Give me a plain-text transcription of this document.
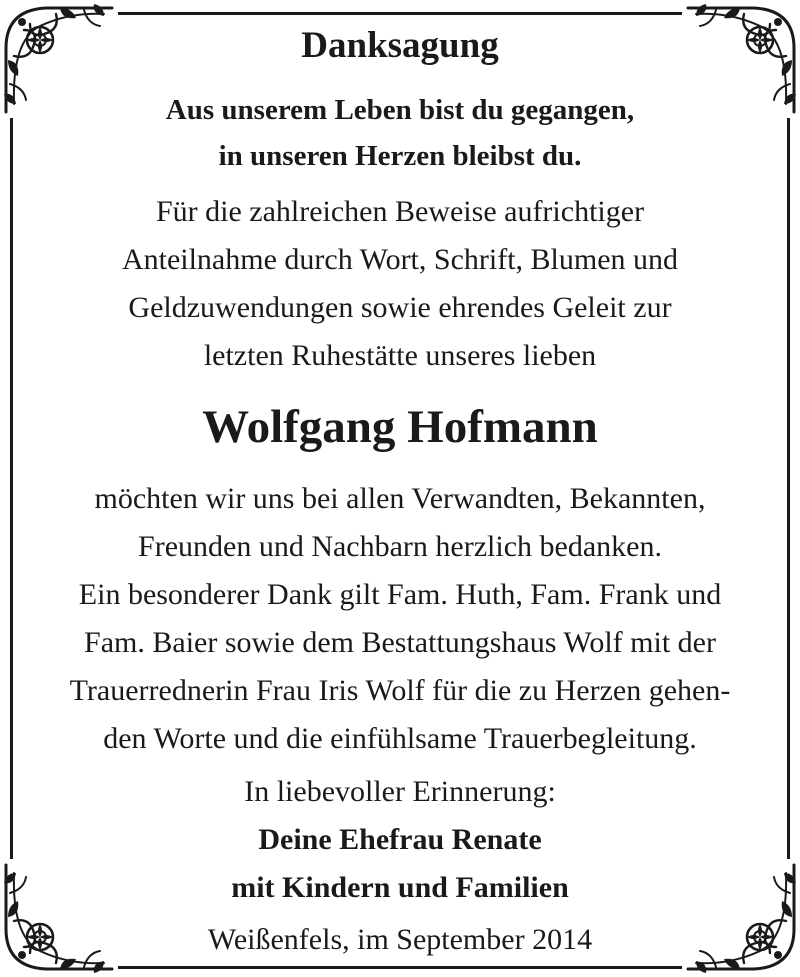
Danksagung
Aus unserem Leben bist du gegangen,
in unseren Herzen bleibst du.
Für die zahlreichen Beweise aufrichtiger
Anteilnahme durch Wort, Schrift, Blumen und
Geldzuwendungen sowie ehrendes Geleit zur
letzten Ruhestätte unseres lieben
Wolfgang Hofmann
möchten wir uns bei allen Verwandten, Bekannten,
Freunden und Nachbarn herzlich bedanken.
Ein besonderer Dank gilt Fam. Huth, Fam. Frank und
Fam. Baier sowie dem Bestattungshaus Wolf mit der
Trauerrednerin Frau Iris Wolf für die zu Herzen gehen-
den Worte und die einfühlsame Trauerbegleitung.
In liebevoller Erinnerung:
Deine Ehefrau Renate
mit Kindern und Familien
Weißenfels, im September 2014
